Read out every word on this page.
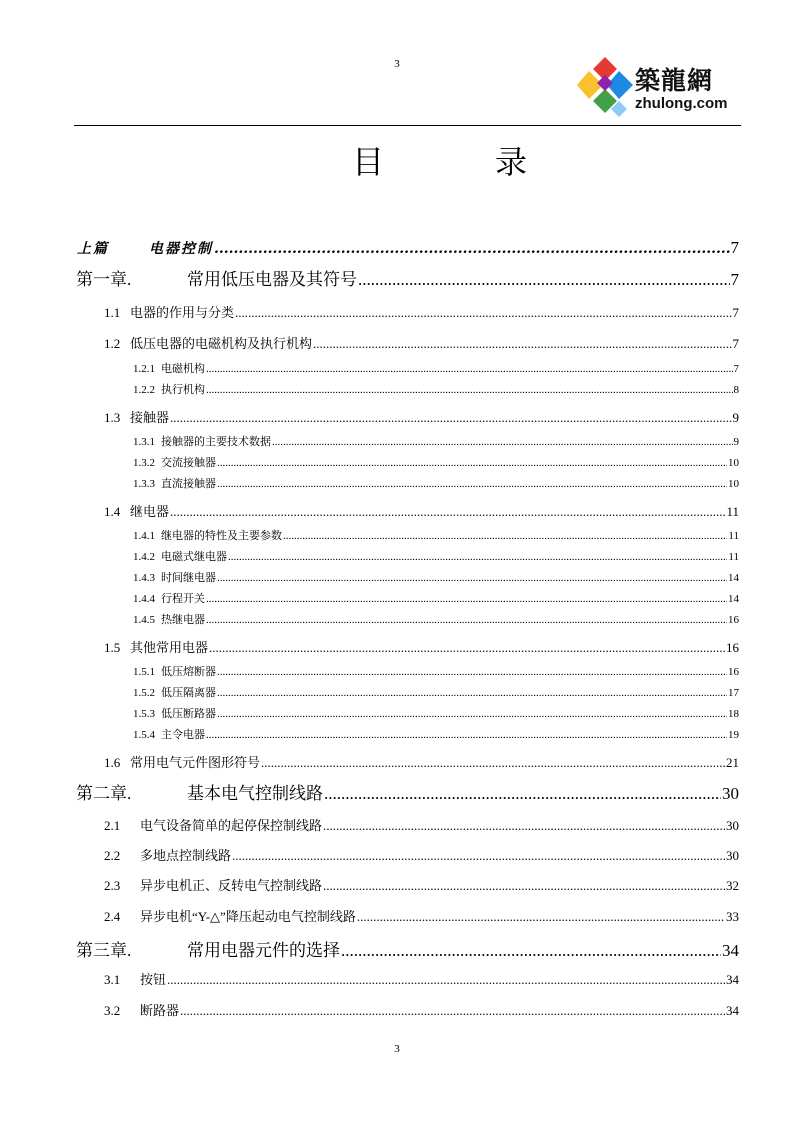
3
築龍網
zhulong.com
目	录
上篇	电器控制 .....	7
第一章.	常用低压电器及其符号 .....	7
1.1 电器的作用与分类 .....	7
1.2 低压电器的电磁机构及执行机构 .....	7
1.2.1 电磁机构 .....	7
1.2.2 执行机构 .....	8
1.3 接触器 .....	9
1.3.1 接触器的主要技术数据 .....	9
1.3.2 交流接触器 .....	10
1.3.3 直流接触器 .....	10
1.4 继电器 .....	11
1.4.1 继电器的特性及主要参数 .....	11
1.4.2 电磁式继电器 .....	11
1.4.3 时间继电器 .....	14
1.4.4 行程开关 .....	14
1.4.5 热继电器 .....	16
1.5 其他常用电器 .....	16
1.5.1 低压熔断器 .....	16
1.5.2 低压隔离器 .....	17
1.5.3 低压断路器 .....	18
1.5.4 主令电器 .....	19
1.6 常用电气元件图形符号 .....	21
第二章.	基本电气控制线路 .....	30
2.1 电气设备简单的起停保控制线路 .....	30
2.2 多地点控制线路 .....	30
2.3 异步电机正、反转电气控制线路 .....	32
2.4 异步电机“Y-△”降压起动电气控制线路 .....	33
第三章.	常用电器元件的选择 .....	34
3.1 按钮 .....	34
3.2 断路器 .....	34
3
